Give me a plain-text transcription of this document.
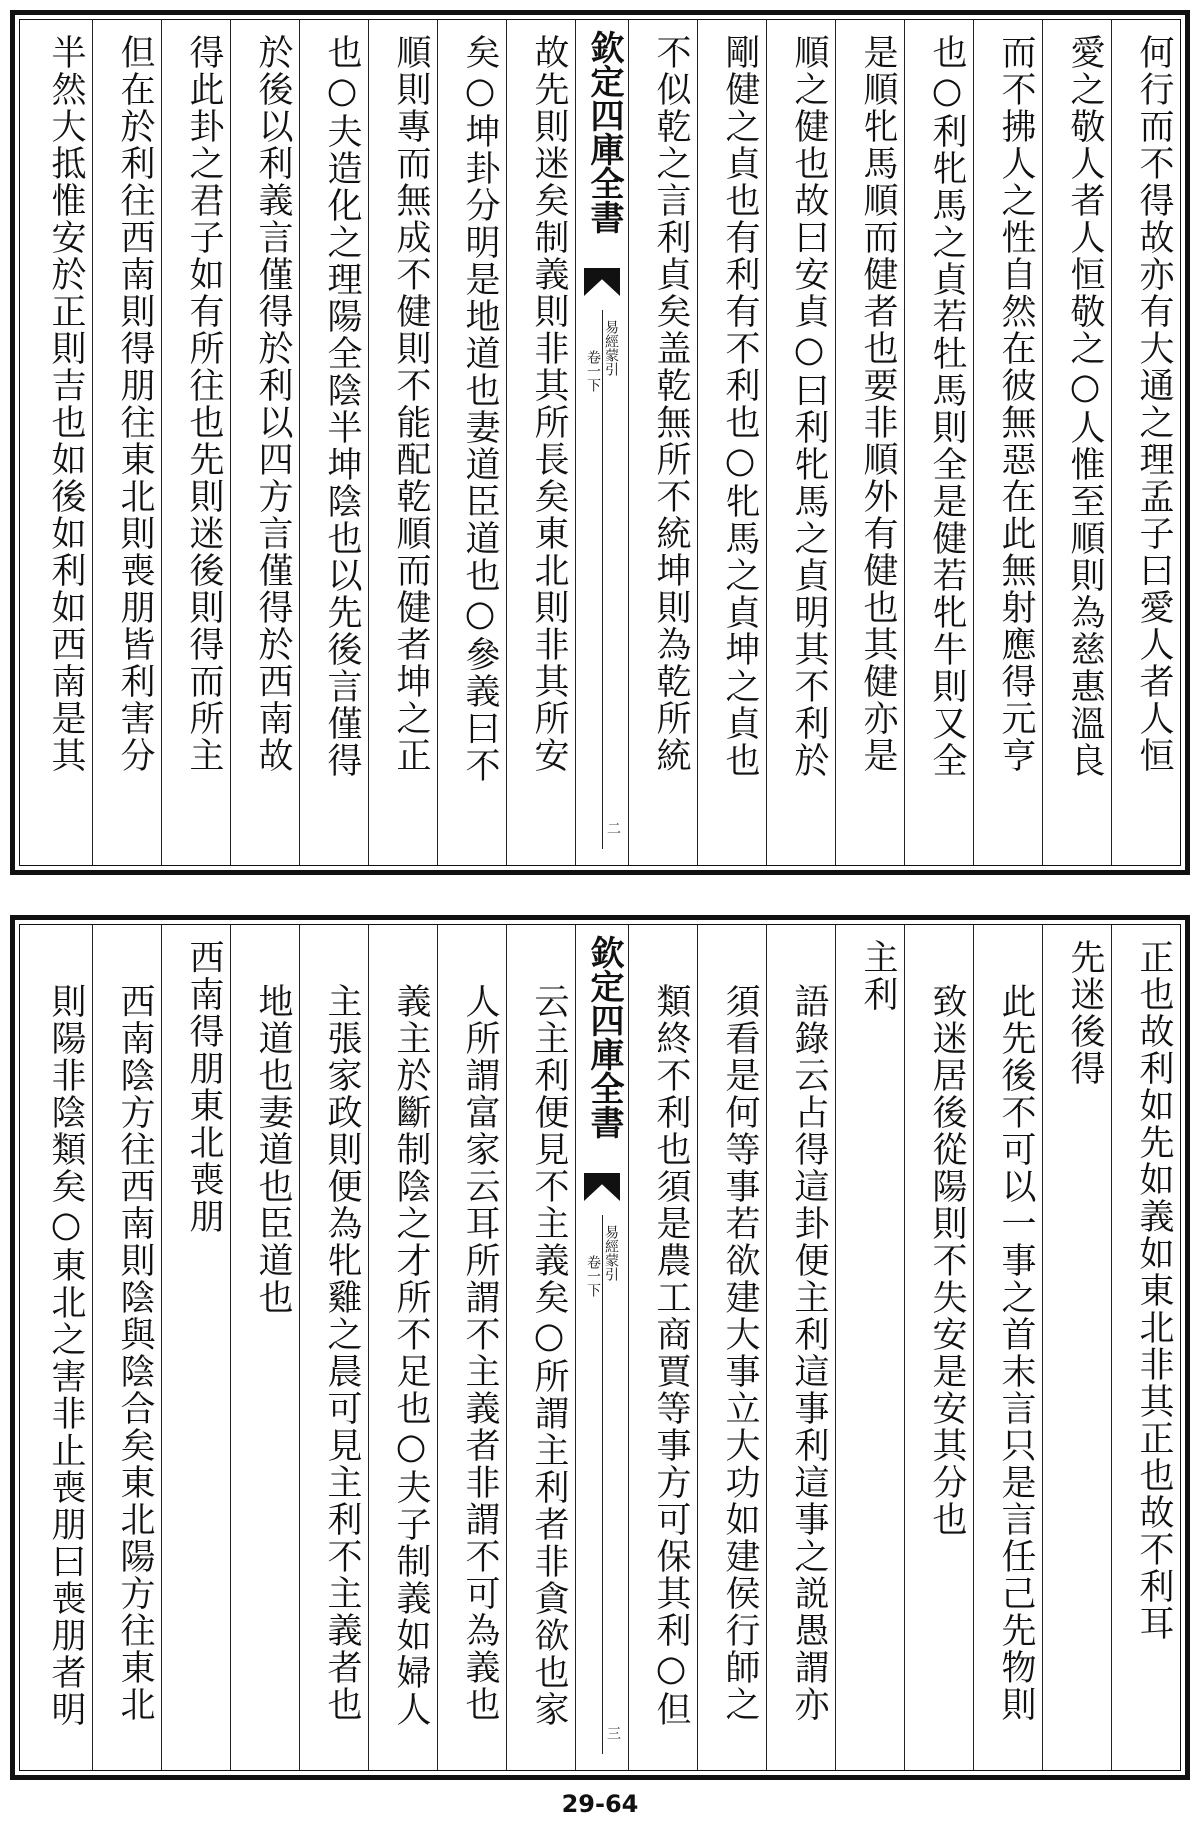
何行而不得故亦有大通之理孟子曰愛人者人恒
愛之敬人者人恒敬之○人惟至順則為慈惠溫良
而不拂人之性自然在彼無惡在此無射應得元亨
也○利牝馬之貞若牡馬則全是健若牝牛則又全
是順牝馬順而健者也要非順外有健也其健亦是
順之健也故曰安貞○曰利牝馬之貞明其不利於
剛健之貞也有利有不利也○牝馬之貞坤之貞也
不似乾之言利貞矣盖乾無所不統坤則為乾所統
欽定四庫全書
易經蒙引
卷一下
二
故先則迷矣制義則非其所長矣東北則非其所安
矣○坤卦分明是地道也妻道臣道也○參義曰不
順則專而無成不健則不能配乾順而健者坤之正
也○夫造化之理陽全陰半坤陰也以先後言僅得
於後以利義言僅得於利以四方言僅得於西南故
得此卦之君子如有所往也先則迷後則得而所主
但在於利往西南則得朋往東北則喪朋皆利害分
半然大抵惟安於正則吉也如後如利如西南是其
正也故利如先如義如東北非其正也故不利耳
先迷後得
此先後不可以一事之首末言只是言任己先物則
致迷居後從陽則不失安是安其分也
主利
語錄云占得這卦便主利這事利這事之説愚謂亦
須看是何等事若欲建大事立大功如建侯行師之
類終不利也須是農工商賈等事方可保其利○但
欽定四庫全書
易經蒙引
卷一下
三
云主利便見不主義矣○所謂主利者非貪欲也家
人所謂富家云耳所謂不主義者非謂不可為義也
義主於斷制陰之才所不足也○夫子制義如婦人
主張家政則便為牝雞之晨可見主利不主義者也
地道也妻道也臣道也
西南得朋東北喪朋
西南陰方往西南則陰與陰合矣東北陽方往東北
則陽非陰類矣○東北之害非止喪朋曰喪朋者明
29-64
